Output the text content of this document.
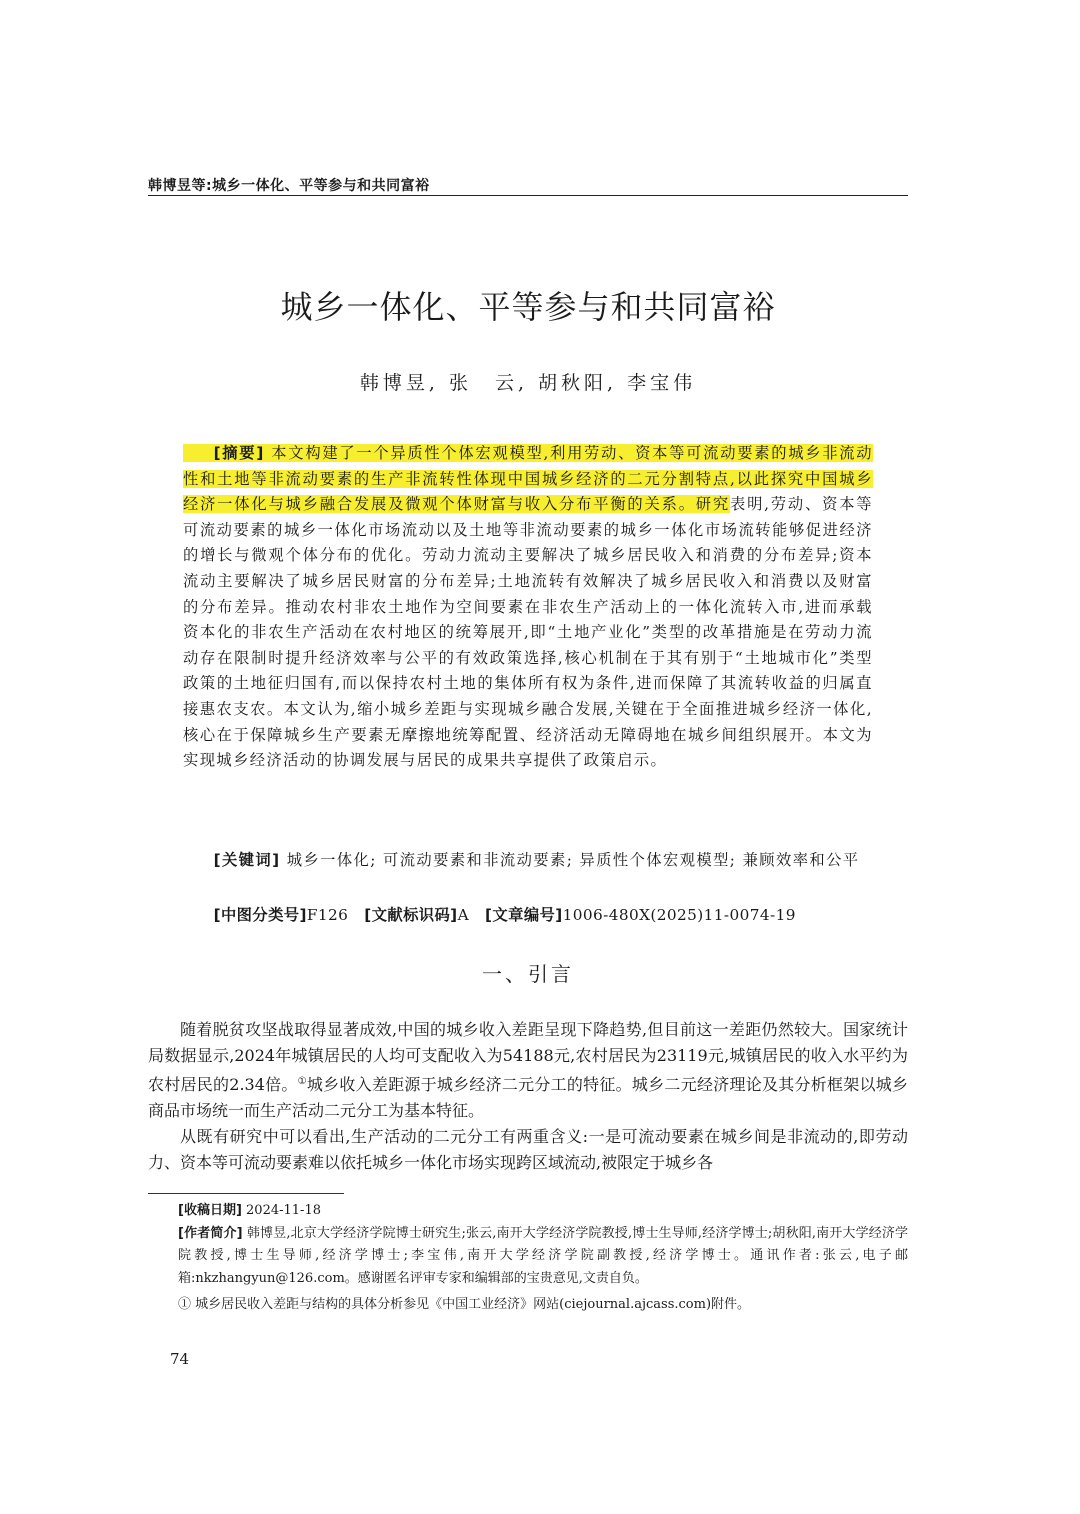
韩博昱等:城乡一体化、平等参与和共同富裕
城乡一体化、平等参与和共同富裕
韩博昱, 张　云, 胡秋阳, 李宝伟
[摘要] 本文构建了一个异质性个体宏观模型,利用劳动、资本等可流动要素的城乡非流动性和土地等非流动要素的生产非流转性体现中国城乡经济的二元分割特点,以此探究中国城乡经济一体化与城乡融合发展及微观个体财富与收入分布平衡的关系。研究表明,劳动、资本等可流动要素的城乡一体化市场流动以及土地等非流动要素的城乡一体化市场流转能够促进经济的增长与微观个体分布的优化。劳动力流动主要解决了城乡居民收入和消费的分布差异;资本流动主要解决了城乡居民财富的分布差异;土地流转有效解决了城乡居民收入和消费以及财富的分布差异。推动农村非农土地作为空间要素在非农生产活动上的一体化流转入市,进而承载资本化的非农生产活动在农村地区的统筹展开,即“土地产业化”类型的改革措施是在劳动力流动存在限制时提升经济效率与公平的有效政策选择,核心机制在于其有别于“土地城市化”类型政策的土地征归国有,而以保持农村土地的集体所有权为条件,进而保障了其流转收益的归属直接惠农支农。本文认为,缩小城乡差距与实现城乡融合发展,关键在于全面推进城乡经济一体化,核心在于保障城乡生产要素无摩擦地统筹配置、经济活动无障碍地在城乡间组织展开。本文为实现城乡经济活动的协调发展与居民的成果共享提供了政策启示。
[关键词] 城乡一体化; 可流动要素和非流动要素; 异质性个体宏观模型; 兼顾效率和公平
[中图分类号]F126 [文献标识码]A [文章编号]1006-480X(2025)11-0074-19
一、引言

随着脱贫攻坚战取得显著成效,中国的城乡收入差距呈现下降趋势,但目前这一差距仍然较大。国家统计局数据显示,2024年城镇居民的人均可支配收入为54188元,农村居民为23119元,城镇居民的收入水平约为农村居民的2.34倍。①城乡收入差距源于城乡经济二元分工的特征。城乡二元经济理论及其分析框架以城乡商品市场统一而生产活动二元分工为基本特征。

从既有研究中可以看出,生产活动的二元分工有两重含义:一是可流动要素在城乡间是非流动的,即劳动力、资本等可流动要素难以依托城乡一体化市场实现跨区域流动,被限定于城乡各

[收稿日期] 2024-11-18

[作者简介] 韩博昱,北京大学经济学院博士研究生;张云,南开大学经济学院教授,博士生导师,经济学博士;胡秋阳,南开大学经济学院教授,博士生导师,经济学博士;李宝伟,南开大学经济学院副教授,经济学博士。通讯作者:张云,电子邮箱:nkzhangyun@126.com。感谢匿名评审专家和编辑部的宝贵意见,文责自负。

① 城乡居民收入差距与结构的具体分析参见《中国工业经济》网站(ciejournal.ajcass.com)附件。

74
